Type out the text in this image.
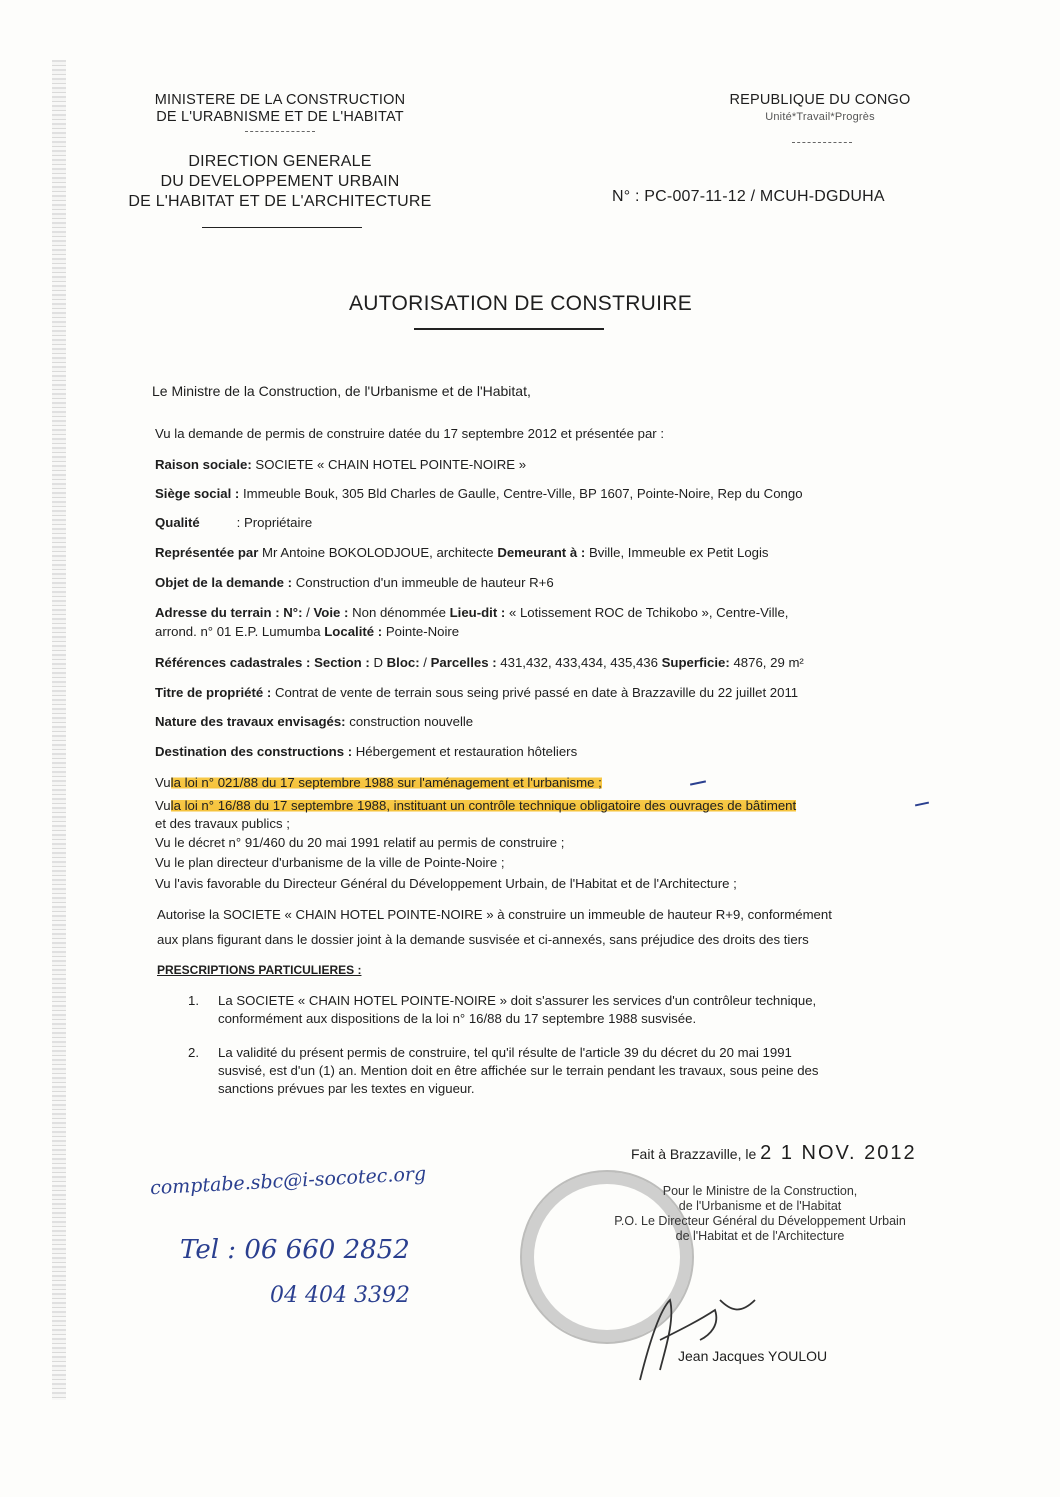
MINISTERE DE LA CONSTRUCTION
DE L'URABNISME ET DE L'HABITAT
DIRECTION GENERALE
DU DEVELOPPEMENT URBAIN
DE L'HABITAT ET DE L'ARCHITECTURE
REPUBLIQUE DU CONGO
Unité*Travail*Progrès
N° : PC-007-11-12 / MCUH-DGDUHA
AUTORISATION DE CONSTRUIRE
Le Ministre de la Construction, de l'Urbanisme et de l'Habitat,
Vu la demande de permis de construire datée du 17 septembre 2012 et présentée par :
Raison sociale: SOCIETE « CHAIN HOTEL POINTE-NOIRE »
Siège social : Immeuble Bouk, 305 Bld Charles de Gaulle, Centre-Ville, BP 1607, Pointe-Noire, Rep du Congo
Qualité	: Propriétaire
Représentée par Mr Antoine BOKOLODJOUE, architecte Demeurant à : Bville, Immeuble ex Petit Logis
Objet de la demande : Construction d'un immeuble de hauteur R+6
Adresse du terrain : N°: / Voie : Non dénommée Lieu-dit : « Lotissement ROC de Tchikobo », Centre-Ville,
arrond. n° 01 E.P. Lumumba Localité : Pointe-Noire
Références cadastrales : Section : D Bloc: / Parcelles : 431,432, 433,434, 435,436 Superficie: 4876, 29 m²
Titre de propriété : Contrat de vente de terrain sous seing privé passé en date à Brazzaville du 22 juillet 2011
Nature des travaux envisagés: construction nouvelle
Destination des constructions : Hébergement et restauration hôteliers
Vula loi n° 021/88 du 17 septembre 1988 sur l'aménagement et l'urbanisme ;
Vula loi n° 16/88 du 17 septembre 1988, instituant un contrôle technique obligatoire des ouvrages de bâtiment
et des travaux publics ;
Vu le décret n° 91/460 du 20 mai 1991 relatif au permis de construire ;
Vu le plan directeur d'urbanisme de la ville de Pointe-Noire ;
Vu l'avis favorable du Directeur Général du Développement Urbain, de l'Habitat et de l'Architecture ;
Autorise la SOCIETE « CHAIN HOTEL POINTE-NOIRE » à construire un immeuble de hauteur R+9, conformément
aux plans figurant dans le dossier joint à la demande susvisée et ci-annexés, sans préjudice des droits des tiers
PRESCRIPTIONS PARTICULIERES :
1. La SOCIETE « CHAIN HOTEL POINTE-NOIRE » doit s'assurer les services d'un contrôleur technique,
conformément aux dispositions de la loi n° 16/88 du 17 septembre 1988 susvisée.
2. La validité du présent permis de construire, tel qu'il résulte de l'article 39 du décret du 20 mai 1991
susvisé, est d'un (1) an. Mention doit en être affichée sur le terrain pendant les travaux, sous peine des
sanctions prévues par les textes en vigueur.
Fait à Brazzaville, le 2 1 NOV. 2012
Pour le Ministre de la Construction,
de l'Urbanisme et de l'Habitat
P.O. Le Directeur Général du Développement Urbain
de l'Habitat et de l'Architecture
Jean Jacques YOULOU
comptabe.sbc@i-socotec.org
Tel : 06 660 2852
04 404 3392
